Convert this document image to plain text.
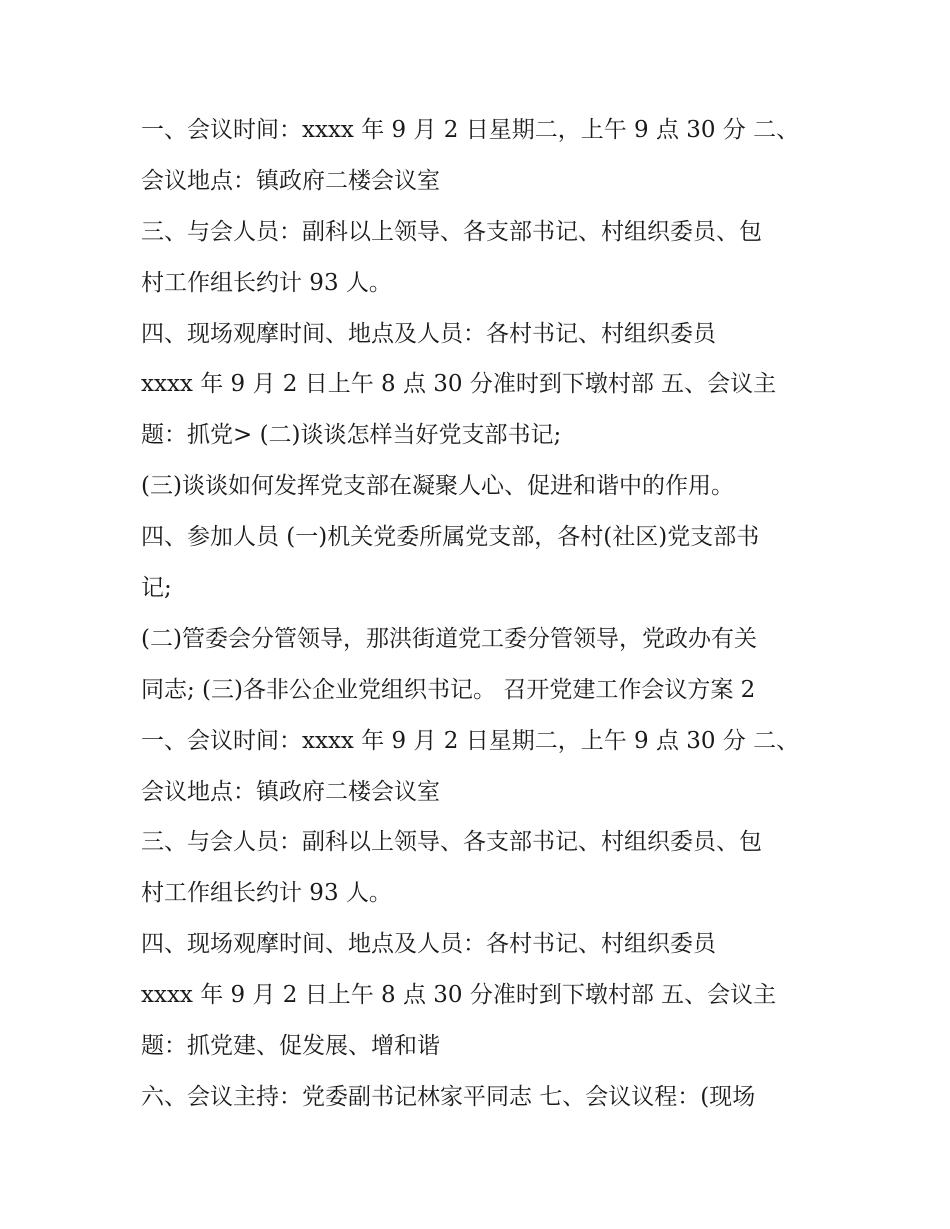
一、会议时间：xxxx 年 9 月 2 日星期二，上午 9 点 30 分 二、
会议地点：镇政府二楼会议室
三、与会人员：副科以上领导、各支部书记、村组织委员、包
村工作组长约计 93 人。
四、现场观摩时间、地点及人员：各村书记、村组织委员
xxxx 年 9 月 2 日上午 8 点 30 分准时到下墩村部 五、会议主
题：抓党> (二)谈谈怎样当好党支部书记;
(三)谈谈如何发挥党支部在凝聚人心、促进和谐中的作用。
四、参加人员 (一)机关党委所属党支部，各村(社区)党支部书
记;
(二)管委会分管领导，那洪街道党工委分管领导，党政办有关
同志; (三)各非公企业党组织书记。 召开党建工作会议方案 2
一、会议时间：xxxx 年 9 月 2 日星期二，上午 9 点 30 分 二、
会议地点：镇政府二楼会议室
三、与会人员：副科以上领导、各支部书记、村组织委员、包
村工作组长约计 93 人。
四、现场观摩时间、地点及人员：各村书记、村组织委员
xxxx 年 9 月 2 日上午 8 点 30 分准时到下墩村部 五、会议主
题：抓党建、促发展、增和谐
六、会议主持：党委副书记林家平同志 七、会议议程：(现场
